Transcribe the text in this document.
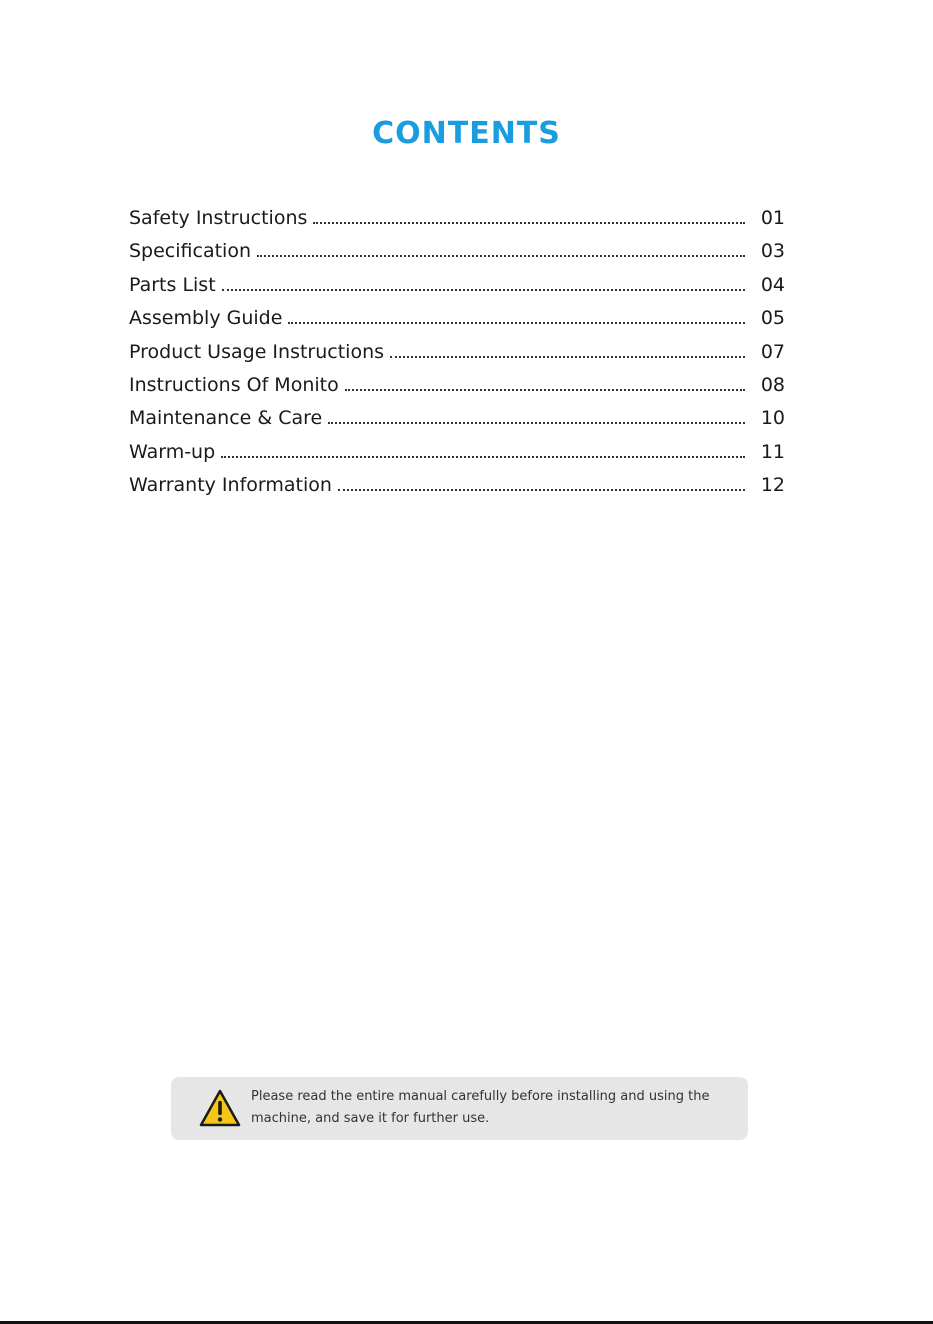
CONTENTS
Safety Instructions	01
Specification	03
Parts List	04
Assembly Guide	05
Product Usage Instructions	07
Instructions Of Monito	08
Maintenance & Care	10
Warm-up	11
Warranty Information	12

Please read the entire manual carefully before installing and using the machine, and save it for further use.
